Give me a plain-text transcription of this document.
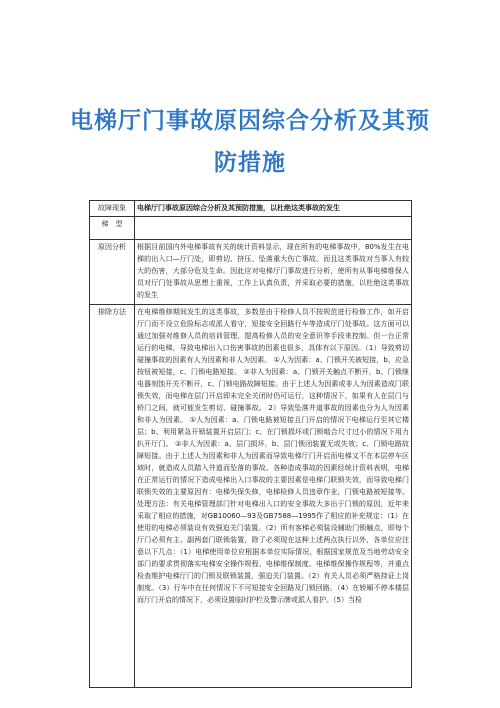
电梯厅门事故原因综合分析及其预
防措施
故障现象	电梯厅门事故原因综合分析及其预防措施，以杜绝这类事故的发生
梯　型	
原因分析	根据目前国内外电梯事故有关的统计资料显示，现在所有的电梯事故中，80%发生在电梯的出入口—厅门处，即剪切、挤压、坠落重大伤亡事故。而且这类事故对当事人有较大的伤害，大部分危及生命。因此应对电梯厅门事故进行分析，使所有从事电梯维保人员对厅门处事故从思想上重视，工作上认真负责，并采取必要的措施，以杜绝这类事故的发生
排除方法	在电梯维修期间发生的这类事故，多数是由于检修人员不按规范进行检修工作，如开启厅门而不设立危险标志或派人看守，短接安全回路行车等造成厅门处事故。这方面可以通过加强对维修人员的培训管理，提高检修人员的安全意识等手段来控制。但一台正常运行的电梯，导致电梯出入口伤害事故的因素也很多，具体有以下原因。（1）导致剪切碰撞事故的因素有人为因素和非人为因素。 ①人为因素：a、门锁开关被短接，b、应急按钮被短接，c、门锁电路短接。 ②非人为因素：a、门锁开关触点不断开，b、门锁继电器刻蚀开关不断开，c、门锁电路故障短接。由于上述人为因素或非人为因素造成门联锁失效，而电梯在层门开启即未完全关闭时仍可运行，这种情况下，如果有人在层门与轿门之间，就可能发生剪切、碰撞事故。 2）导致坠落井道事故的因素也分为人为因素和非人为因素。 ①人为因素：a、门锁电路被短接且门开启的情况下电梯运行至其它楼层；b、利用紧急开锁装置开启层门；c、在门锁损坏或门锁啮合尺寸过小的情况下用力扒开厅门。 ②非人为因素：a、层门损坏，b、层门锁闭装置无或失效；c、门锁电路故障短接。由于上述人为因素和非人为因素而导致电梯厅门开启而电梯又不在本层停车区域时，就造成人员踏入井道而坠落的事故。各种造成事故的因素经统计资料表明，电梯在正常运行的情况下造成电梯出入口事故的主要因素是电梯门联锁失效，而导致电梯门联锁失效的主要原因有：电梯失保失修，电梯检修人员违章作业，门锁电路被短接等。处理方法：有关电梯管理部门针对电梯出入口的安全事故大多出于门锁的原因，近年来采取了相应的措施，对GB10060—93及GB7588—1995作了相应的补充规定：（1）在使用的电梯必须装设有效强迫关门装置。（2）所有客梯必须装设辅助门锁触点，即每个厅门必须有主、副两套门联锁装置，除了必须现在这种上述两点执行以外，各单位应注意以下几点：（1）电梯使用单位应根据本单位实际情况，根据国家规范及当地劳动安全部门的要求贯彻落实电梯安全操作规程、电梯维保制度、电梯维保操作规程等，并重点检查维护电梯厅门的门锁及联锁装置，强迫关门装置。（2）有关人员必须严格持证上岗制度。（3）行车中在任何情况下不可短接安全回路及门锁回路。（4）在轿厢不停本楼层而厅门开启的情况下，必须设置临时护栏及警示牌或派人看护。（5）当检
